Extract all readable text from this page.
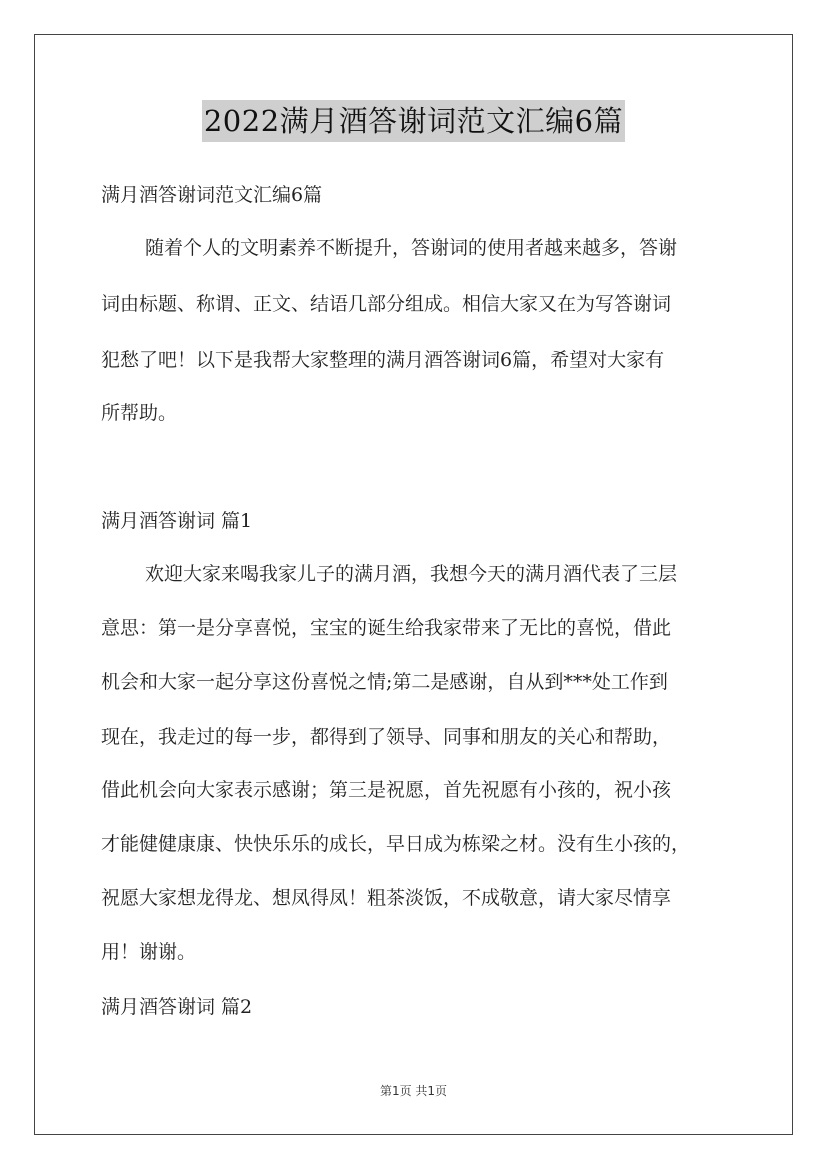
2022满月酒答谢词范文汇编6篇
满月酒答谢词范文汇编6篇
随着个人的文明素养不断提升，答谢词的使用者越来越多，答谢
词由标题、称谓、正文、结语几部分组成。相信大家又在为写答谢词
犯愁了吧！以下是我帮大家整理的满月酒答谢词6篇，希望对大家有
所帮助。
满月酒答谢词 篇1
欢迎大家来喝我家儿子的满月酒，我想今天的满月酒代表了三层
意思：第一是分享喜悦，宝宝的诞生给我家带来了无比的喜悦，借此
机会和大家一起分享这份喜悦之情;第二是感谢，自从到***处工作到
现在，我走过的每一步，都得到了领导、同事和朋友的关心和帮助，
借此机会向大家表示感谢；第三是祝愿，首先祝愿有小孩的，祝小孩
才能健健康康、快快乐乐的成长，早日成为栋梁之材。没有生小孩的，
祝愿大家想龙得龙、想凤得凤！粗茶淡饭，不成敬意，请大家尽情享
用！谢谢。
满月酒答谢词 篇2
第1页 共1页
